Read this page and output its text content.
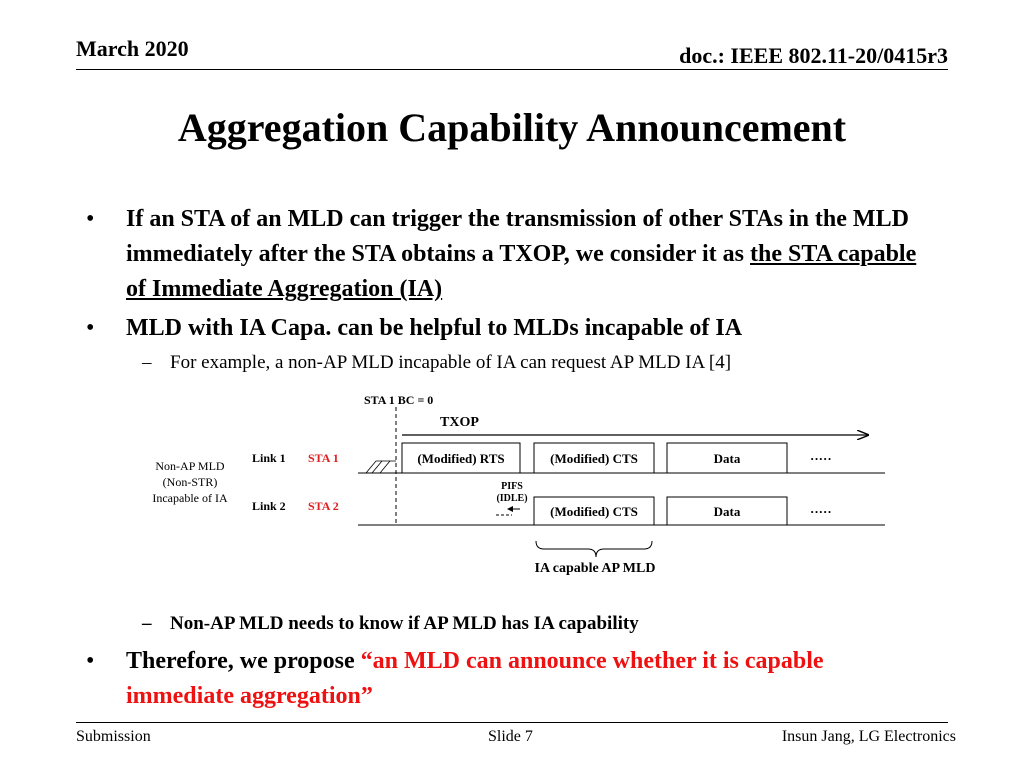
March 2020	doc.: IEEE 802.11-20/0415r3
Aggregation Capability Announcement
• If an STA of an MLD can trigger the transmission of other STAs in the MLD immediately after the STA obtains a TXOP, we consider it as the STA capable of Immediate Aggregation (IA)
• MLD with IA Capa. can be helpful to MLDs incapable of IA
– For example, a non-AP MLD incapable of IA can request AP MLD IA [4]
– Non-AP MLD needs to know if AP MLD has IA capability
• Therefore, we propose “an MLD can announce whether it is capable immediate aggregation”
Non-AP MLD
(Non-STR)
Incapable of IA
Link 1 STA 1
Link 2 STA 2
STA 1 BC = 0
TXOP
(Modified) RTS	(Modified) CTS	Data	·····
PIFS
(IDLE)
(Modified) CTS	Data	·····
IA capable AP MLD
Submission	Slide 7	Insun Jang, LG Electronics
